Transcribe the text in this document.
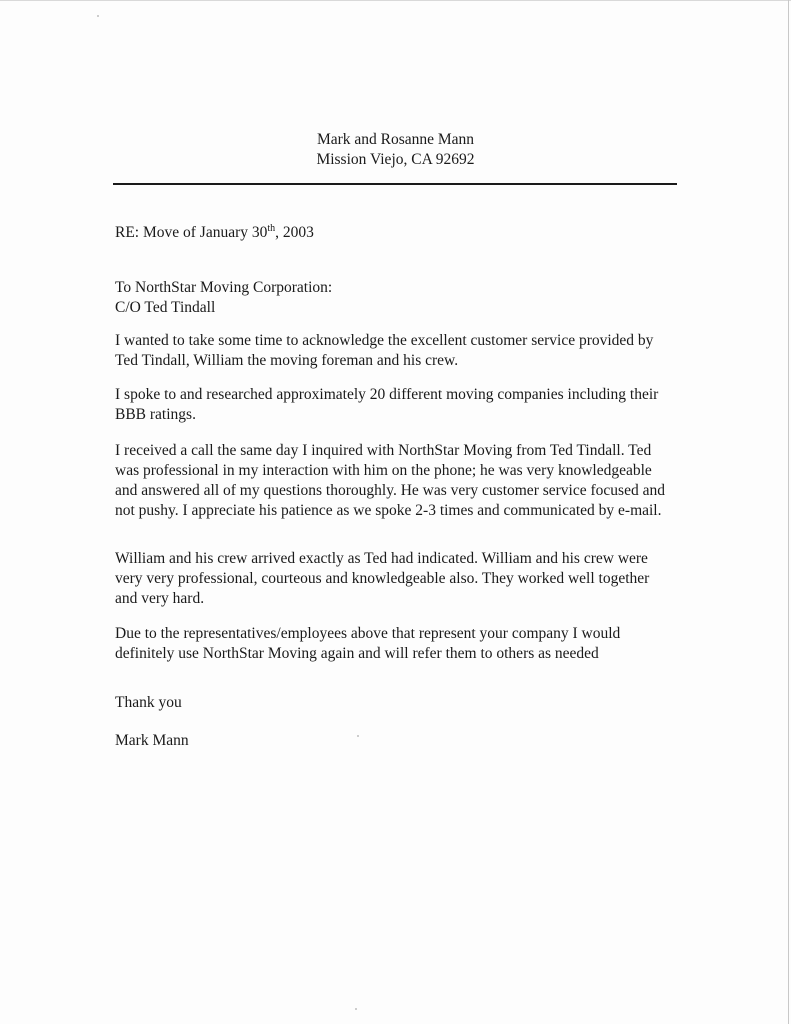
Mark and Rosanne Mann
Mission Viejo, CA 92692
RE: Move of January 30th, 2003
To NorthStar Moving Corporation:
C/O Ted Tindall
I wanted to take some time to acknowledge the excellent customer service provided by Ted Tindall, William the moving foreman and his crew.
I spoke to and researched approximately 20 different moving companies including their BBB ratings.
I received a call the same day I inquired with NorthStar Moving from Ted Tindall. Ted was professional in my interaction with him on the phone; he was very knowledgeable and answered all of my questions thoroughly. He was very customer service focused and not pushy. I appreciate his patience as we spoke 2-3 times and communicated by e-mail.
William and his crew arrived exactly as Ted had indicated. William and his crew were very very professional, courteous and knowledgeable also. They worked well together and very hard.
Due to the representatives/employees above that represent your company I would definitely use NorthStar Moving again and will refer them to others as needed
Thank you
Mark Mann
